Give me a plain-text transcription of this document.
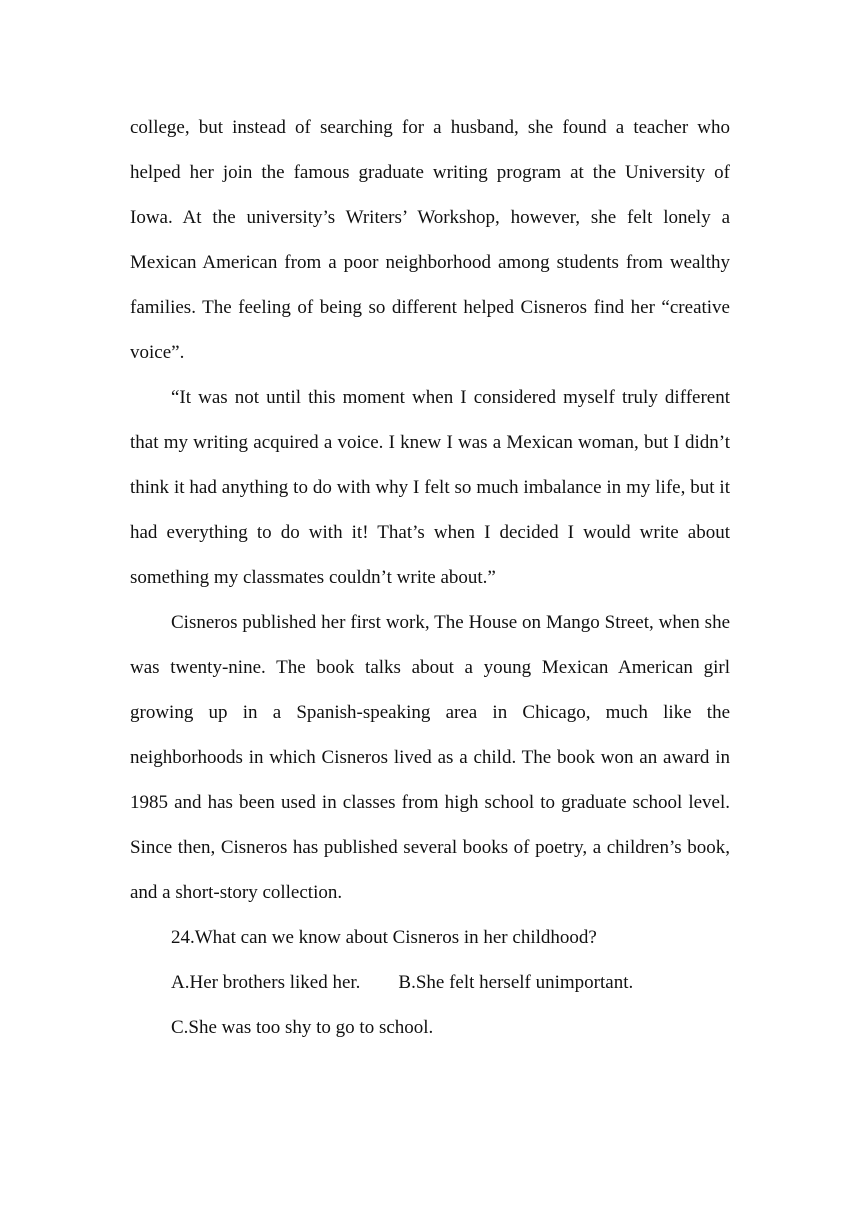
college, but instead of searching for a husband, she found a teacher who helped her join the famous graduate writing program at the University of Iowa. At the university’s Writers’ Workshop, however, she felt lonely a Mexican American from a poor neighborhood among students from wealthy families. The feeling of being so different helped Cisneros find her “creative voice”.

“It was not until this moment when I considered myself truly different that my writing acquired a voice. I knew I was a Mexican woman, but I didn’t think it had anything to do with why I felt so much imbalance in my life, but it had everything to do with it! That’s when I decided I would write about something my classmates couldn’t write about.”

Cisneros published her first work, The House on Mango Street, when she was twenty-nine. The book talks about a young Mexican American girl growing up in a Spanish-speaking area in Chicago, much like the neighborhoods in which Cisneros lived as a child. The book won an award in 1985 and has been used in classes from high school to graduate school level. Since then, Cisneros has published several books of poetry, a children’s book, and a short-story collection.

24.What can we know about Cisneros in her childhood?

A.Her brothers liked her. B.She felt herself unimportant.

C.She was too shy to go to school.
